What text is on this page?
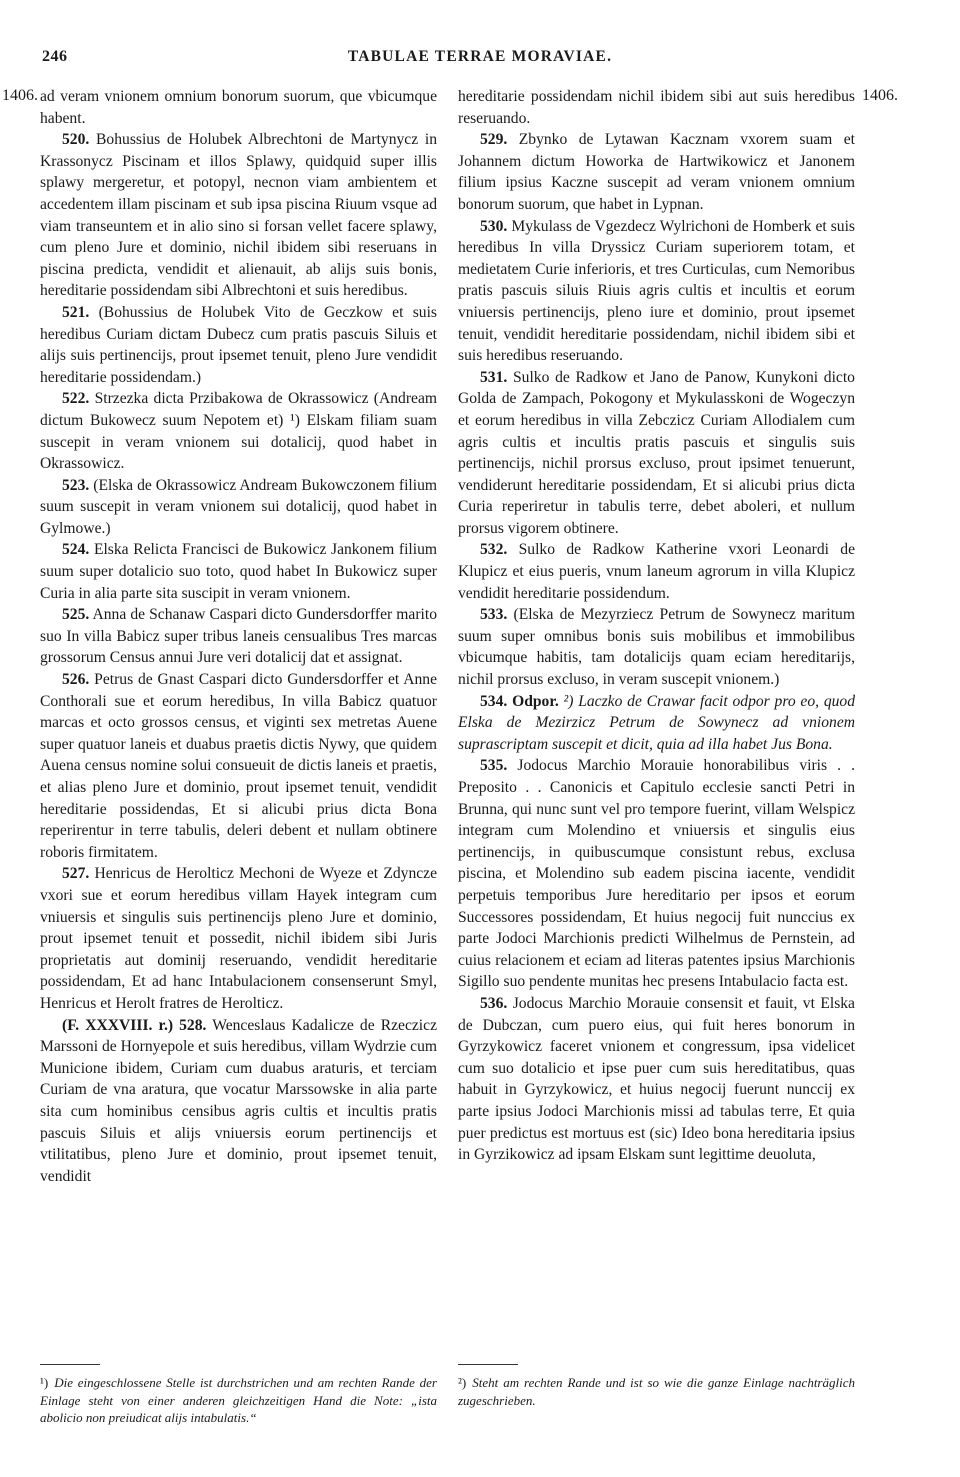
246	TABULAE TERRAE MORAVIAE.
1406.	1406.

ad veram vnionem omnium bonorum suorum, que vbicumque habent.

520. Bohussius de Holubek Albrechtoni de Martynycz in Krassonycz Piscinam et illos Splawy, quidquid super illis splawy mergeretur, et potopyl, necnon viam ambientem et accedentem illam piscinam et sub ipsa piscina Riuum vsque ad viam transeuntem et in alio sino si forsan vellet facere splawy, cum pleno Jure et dominio, nichil ibidem sibi reseruans in piscina predicta, vendidit et alienauit, ab alijs suis bonis, hereditarie possidendam sibi Albrechtoni et suis heredibus.

521. (Bohussius de Holubek Vito de Geczkow et suis heredibus Curiam dictam Dubecz cum pratis pascuis Siluis et alijs suis pertinencijs, prout ipsemet tenuit, pleno Jure vendidit hereditarie possidendam.)

522. Strzezka dicta Przibakowa de Okrassowicz (Andream dictum Bukowecz suum Nepotem et) ¹) Elskam filiam suam suscepit in veram vnionem sui dotalicij, quod habet in Okrassowicz.

523. (Elska de Okrassowicz Andream Bukowczonem filium suum suscepit in veram vnionem sui dotalicij, quod habet in Gylmowe.)

524. Elska Relicta Francisci de Bukowicz Jankonem filium suum super dotalicio suo toto, quod habet In Bukowicz super Curia in alia parte sita suscipit in veram vnionem.

525. Anna de Schanaw Caspari dicto Gundersdorffer marito suo In villa Babicz super tribus laneis censualibus Tres marcas grossorum Census annui Jure veri dotalicij dat et assignat.

526. Petrus de Gnast Caspari dicto Gundersdorffer et Anne Conthorali sue et eorum heredibus, In villa Babicz quatuor marcas et octo grossos census, et viginti sex metretas Auene super quatuor laneis et duabus praetis dictis Nywy, que quidem Auena census nomine solui consueuit de dictis laneis et praetis, et alias pleno Jure et dominio, prout ipsemet tenuit, vendidit hereditarie possidendas, Et si alicubi prius dicta Bona reperirentur in terre tabulis, deleri debent et nullam obtinere roboris firmitatem.

527. Henricus de Herolticz Mechoni de Wyeze et Zdyncze vxori sue et eorum heredibus villam Hayek integram cum vniuersis et singulis suis pertinencijs pleno Jure et dominio, prout ipsemet tenuit et possedit, nichil ibidem sibi Juris proprietatis aut dominij reseruando, vendidit hereditarie possidendam, Et ad hanc Intabulacionem consenserunt Smyl, Henricus et Herolt fratres de Herolticz.

(F. XXXVIII. r.) 528. Wenceslaus Kadalicze de Rzeczicz Marssoni de Hornyepole et suis heredibus, villam Wydrzie cum Municione ibidem, Curiam cum duabus araturis, et terciam Curiam de vna aratura, que vocatur Marssowske in alia parte sita cum hominibus censibus agris cultis et incultis pratis pascuis Siluis et alijs vniuersis eorum pertinencijs et vtilitatibus, pleno Jure et dominio, prout ipsemet tenuit, vendidit

hereditarie possidendam nichil ibidem sibi aut suis heredibus reseruando.

529. Zbynko de Lytawan Kacznam vxorem suam et Johannem dictum Howorka de Hartwikowicz et Janonem filium ipsius Kaczne suscepit ad veram vnionem omnium bonorum suorum, que habet in Lypnan.

530. Mykulass de Vgezdecz Wylrichoni de Homberk et suis heredibus In villa Dryssicz Curiam superiorem totam, et medietatem Curie inferioris, et tres Curticulas, cum Nemoribus pratis pascuis siluis Riuis agris cultis et incultis et eorum vniuersis pertinencijs, pleno iure et dominio, prout ipsemet tenuit, vendidit hereditarie possidendam, nichil ibidem sibi et suis heredibus reseruando.

531. Sulko de Radkow et Jano de Panow, Kunykoni dicto Golda de Zampach, Pokogony et Mykulasskoni de Wogeczyn et eorum heredibus in villa Zebczicz Curiam Allodialem cum agris cultis et incultis pratis pascuis et singulis suis pertinencijs, nichil prorsus excluso, prout ipsimet tenuerunt, vendiderunt hereditarie possidendam, Et si alicubi prius dicta Curia reperiretur in tabulis terre, debet aboleri, et nullum prorsus vigorem obtinere.

532. Sulko de Radkow Katherine vxori Leonardi de Klupicz et eius pueris, vnum laneum agrorum in villa Klupicz vendidit hereditarie possidendum.

533. (Elska de Mezyrziecz Petrum de Sowynecz maritum suum super omnibus bonis suis mobilibus et immobilibus vbicumque habitis, tam dotalicijs quam eciam hereditarijs, nichil prorsus excluso, in veram suscepit vnionem.)

534. Odpor. ²) Laczko de Crawar facit odpor pro eo, quod Elska de Mezirzicz Petrum de Sowynecz ad vnionem suprascriptam suscepit et dicit, quia ad illa habet Jus Bona.

535. Jodocus Marchio Morauie honorabilibus viris . . Preposito . . Canonicis et Capitulo ecclesie sancti Petri in Brunna, qui nunc sunt vel pro tempore fuerint, villam Welspicz integram cum Molendino et vniuersis et singulis eius pertinencijs, in quibuscumque consistunt rebus, exclusa piscina, et Molendino sub eadem piscina iacente, vendidit perpetuis temporibus Jure hereditario per ipsos et eorum Successores possidendam, Et huius negocij fuit nunccius ex parte Jodoci Marchionis predicti Wilhelmus de Pernstein, ad cuius relacionem et eciam ad literas patentes ipsius Marchionis Sigillo suo pendente munitas hec presens Intabulacio facta est.

536. Jodocus Marchio Morauie consensit et fauit, vt Elska de Dubczan, cum puero eius, qui fuit heres bonorum in Gyrzykowicz faceret vnionem et congressum, ipsa videlicet cum suo dotalicio et ipse puer cum suis hereditatibus, quas habuit in Gyrzykowicz, et huius negocij fuerunt nunccij ex parte ipsius Jodoci Marchionis missi ad tabulas terre, Et quia puer predictus est mortuus est (sic) Ideo bona hereditaria ipsius in Gyrzikowicz ad ipsam Elskam sunt legittime deuoluta,

¹) Die eingeschlossene Stelle ist durchstrichen und am rechten Rande der Einlage steht von einer anderen gleichzeitigen Hand die Note: „ista abolicio non preiudicat alijs intabulatis.“
²) Steht am rechten Rande und ist so wie die ganze Einlage nachträglich zugeschrieben.
